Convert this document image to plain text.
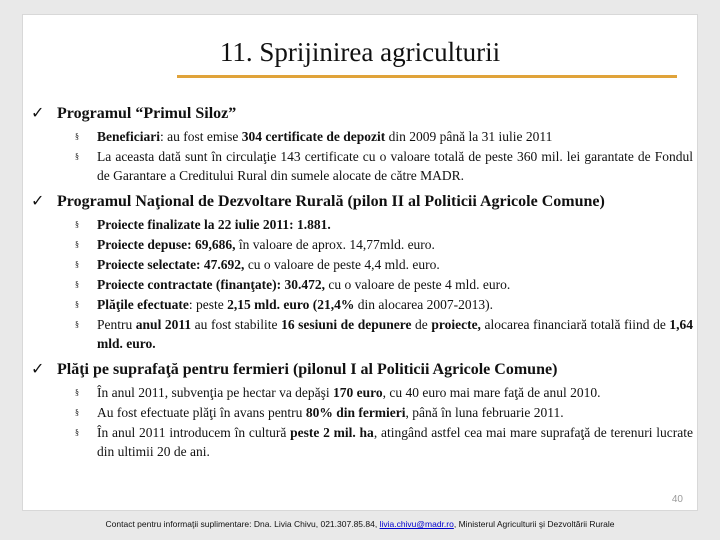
11. Sprijinirea agriculturii
✓ Programul “Primul Siloz”
§	Beneficiari: au fost emise 304 certificate de depozit din 2009 până la 31 iulie 2011
§	La aceasta dată sunt în circulaţie 143 certificate cu o valoare totală de peste 360 mil. lei garantate de Fondul de Garantare a Creditului Rural din sumele alocate de către MADR.
✓ Programul Naţional de Dezvoltare Rurală (pilon II al Politicii Agricole Comune)
§	Proiecte finalizate la 22 iulie 2011: 1.881.
§	Proiecte depuse: 69,686, în valoare de aprox. 14,77mld. euro.
§	Proiecte selectate: 47.692, cu o valoare de peste 4,4 mld. euro.
§	Proiecte contractate (finanţate): 30.472, cu o valoare de peste 4 mld. euro.
§	Plăţile efectuate: peste 2,15 mld. euro (21,4% din alocarea 2007-2013).
§	Pentru anul 2011 au fost stabilite 16 sesiuni de depunere de proiecte, alocarea financiară totală fiind de 1,64 mld. euro.
✓ Plăţi pe suprafaţă pentru fermieri (pilonul I al Politicii Agricole Comune)
§	În anul 2011, subvenţia pe hectar va depăşi 170 euro, cu 40 euro mai mare faţă de anul 2010.
§	Au fost efectuate plăţi în avans pentru 80% din fermieri, până în luna februarie 2011.
§	În anul 2011 introducem în cultură peste 2 mil. ha, atingând astfel cea mai mare suprafaţă de terenuri lucrate din ultimii 20 de ani.
40
Contact pentru informaţii suplimentare: Dna. Livia Chivu, 021.307.85.84, livia.chivu@madr.ro, Ministerul Agriculturii şi Dezvoltării Rurale
